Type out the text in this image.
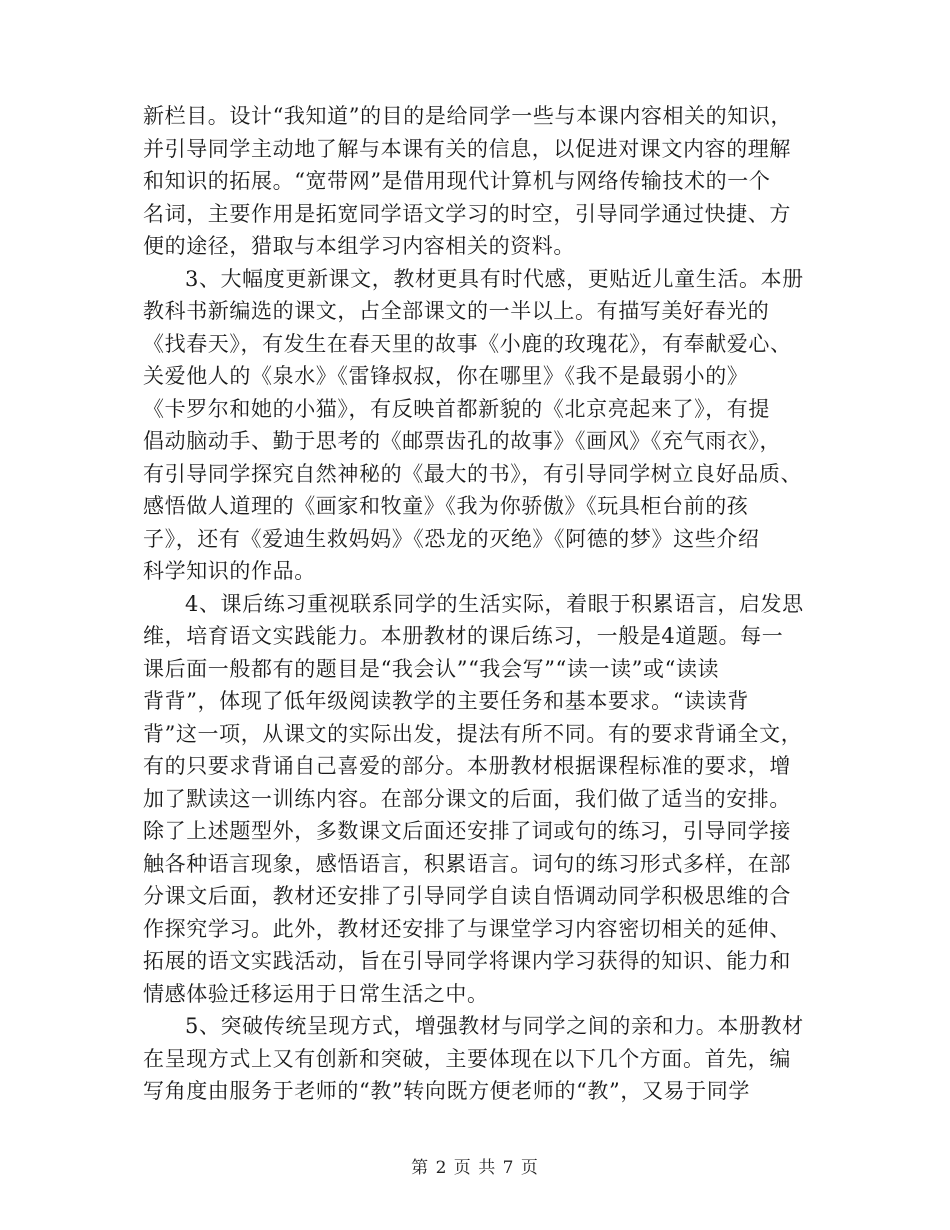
新栏目。设计“我知道”的目的是给同学一些与本课内容相关的知识，
并引导同学主动地了解与本课有关的信息，以促进对课文内容的理解
和知识的拓展。“宽带网”是借用现代计算机与网络传输技术的一个
名词，主要作用是拓宽同学语文学习的时空，引导同学通过快捷、方
便的途径，猎取与本组学习内容相关的资料。
3、大幅度更新课文，教材更具有时代感，更贴近儿童生活。本册
教科书新编选的课文，占全部课文的一半以上。有描写美好春光的
《找春天》，有发生在春天里的故事《小鹿的玫瑰花》，有奉献爱心、
关爱他人的《泉水》《雷锋叔叔，你在哪里》《我不是最弱小的》
《卡罗尔和她的小猫》，有反映首都新貌的《北京亮起来了》，有提
倡动脑动手、勤于思考的《邮票齿孔的故事》《画风》《充气雨衣》，
有引导同学探究自然神秘的《最大的书》，有引导同学树立良好品质、
感悟做人道理的《画家和牧童》《我为你骄傲》《玩具柜台前的孩
子》，还有《爱迪生救妈妈》《恐龙的灭绝》《阿德的梦》这些介绍
科学知识的作品。
4、课后练习重视联系同学的生活实际，着眼于积累语言，启发思
维，培育语文实践能力。本册教材的课后练习，一般是4道题。每一
课后面一般都有的题目是“我会认”“我会写”“读一读”或“读读
背背”，体现了低年级阅读教学的主要任务和基本要求。“读读背
背”这一项，从课文的实际出发，提法有所不同。有的要求背诵全文，
有的只要求背诵自己喜爱的部分。本册教材根据课程标准的要求，增
加了默读这一训练内容。在部分课文的后面，我们做了适当的安排。
除了上述题型外，多数课文后面还安排了词或句的练习，引导同学接
触各种语言现象，感悟语言，积累语言。词句的练习形式多样，在部
分课文后面，教材还安排了引导同学自读自悟调动同学积极思维的合
作探究学习。此外，教材还安排了与课堂学习内容密切相关的延伸、
拓展的语文实践活动，旨在引导同学将课内学习获得的知识、能力和
情感体验迁移运用于日常生活之中。
5、突破传统呈现方式，增强教材与同学之间的亲和力。本册教材
在呈现方式上又有创新和突破，主要体现在以下几个方面。首先，编
写角度由服务于老师的“教”转向既方便老师的“教”，又易于同学
第 2 页 共 7 页
